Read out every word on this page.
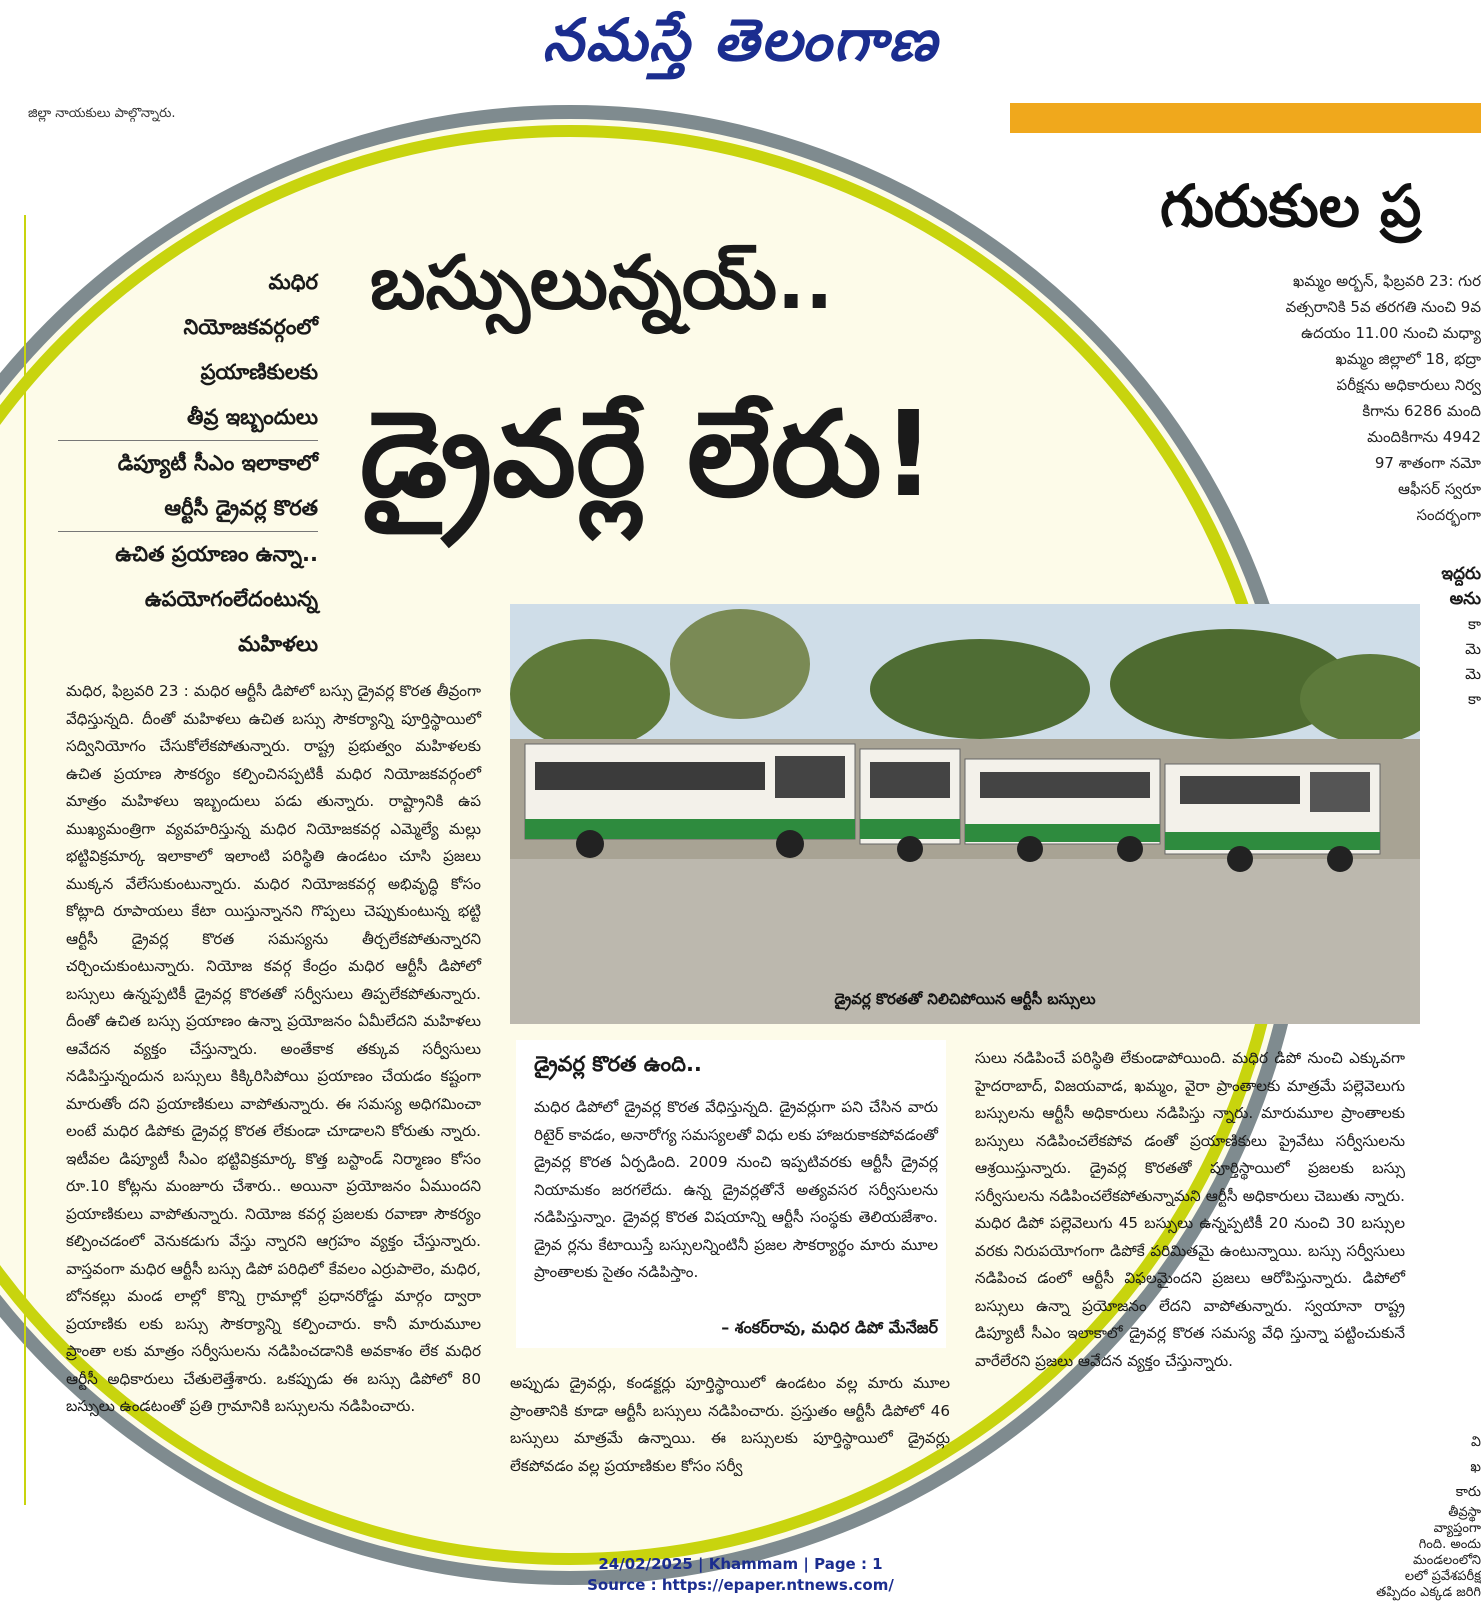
నమస్తే తెలంగాణ
జిల్లా నాయకులు పాల్గొన్నారు.
గురుకుల ప్ర
ఖమ్మం అర్బన్, ఫిబ్రవరి 23: గుర
వత్సరానికి 5వ తరగతి నుంచి 9వ
ఉదయం 11.00 నుంచి మధ్యా
ఖమ్మం జిల్లాలో 18, భద్రా
పరీక్షను అధికారులు నిర్వ
కిగాను 6286 మంది
మందికిగాను 4942
97 శాతంగా నమో
ఆఫీసర్ స్వరూ
సందర్భంగా
ఇద్దరు
అను
కా
మె
మె
కా
వి
ఖ
కారు
తీవ్రస్థా
వ్యాప్తంగా
గింది. అందు
మండలంలోని
లలో ప్రవేశపరీక్ష
తప్పిదం ఎక్కడ జరిగి
బస్సులున్నయ్..
డ్రైవర్లే లేరు!
మధిర
నియోజకవర్గంలో
ప్రయాణికులకు
తీవ్ర ఇబ్బందులు
డిప్యూటీ సీఎం ఇలాకాలో
ఆర్టీసీ డ్రైవర్ల కొరత
ఉచిత ప్రయాణం ఉన్నా..
ఉపయోగంలేదంటున్న
మహిళలు
డ్రైవర్ల కొరతతో నిలిచిపోయిన ఆర్టీసీ బస్సులు
మధిర, ఫిబ్రవరి 23 : మధిర ఆర్టీసీ డిపోలో బస్సు డ్రైవర్ల కొరత తీవ్రంగా వేధిస్తున్నది. దీంతో మహిళలు ఉచిత బస్సు సౌకర్యాన్ని పూర్తిస్థాయిలో సద్వినియోగం చేసుకోలేకపోతున్నారు. రాష్ట్ర ప్రభుత్వం మహిళలకు ఉచిత ప్రయాణ సౌకర్యం కల్పించినప్పటికీ మధిర నియోజకవర్గంలో మాత్రం మహిళలు ఇబ్బందులు పడు తున్నారు. రాష్ట్రానికి ఉప ముఖ్యమంత్రిగా వ్యవహరిస్తున్న మధిర నియోజకవర్గ ఎమ్మెల్యే మల్లు భట్టివిక్రమార్క ఇలాకాలో ఇలాంటి పరిస్థితి ఉండటం చూసి ప్రజలు ముక్కన వేలేసుకుంటున్నారు. మధిర నియోజకవర్గ అభివృద్ధి కోసం కోట్లాది రూపాయలు కేటా యిస్తున్నానని గొప్పలు చెప్పుకుంటున్న భట్టి ఆర్టీసీ డ్రైవర్ల కొరత సమస్యను తీర్చలేకపోతున్నారని చర్చించుకుంటున్నారు. నియోజ కవర్గ కేంద్రం మధిర ఆర్టీసీ డిపోలో బస్సులు ఉన్నప్పటికీ డ్రైవర్ల కొరతతో సర్వీసులు తిప్పలేకపోతున్నారు. దీంతో ఉచిత బస్సు ప్రయాణం ఉన్నా ప్రయోజనం ఏమీలేదని మహిళలు ఆవేదన వ్యక్తం చేస్తున్నారు. అంతేకాక తక్కువ సర్వీసులు నడిపిస్తున్నందున బస్సులు కిక్కిరిసిపోయి ప్రయాణం చేయడం కష్టంగా మారుతోం దని ప్రయాణికులు వాపోతున్నారు. ఈ సమస్య అధిగమించా లంటే మధిర డిపోకు డ్రైవర్ల కొరత లేకుండా చూడాలని కోరుతు న్నారు. ఇటీవల డిప్యూటీ సీఎం భట్టివిక్రమార్క కొత్త బస్టాండ్ నిర్మాణం కోసం రూ.10 కోట్లను మంజూరు చేశారు.. అయినా ప్రయోజనం ఏముందని ప్రయాణికులు వాపోతున్నారు. నియోజ కవర్గ ప్రజలకు రవాణా సౌకర్యం కల్పించడంలో వెనుకడుగు వేస్తు న్నారని ఆగ్రహం వ్యక్తం చేస్తున్నారు. వాస్తవంగా మధిర ఆర్టీసీ బస్సు డిపో పరిధిలో కేవలం ఎర్రుపాలెం, మధిర, బోనకల్లు మండ లాల్లో కొన్ని గ్రామాల్లో ప్రధానరోడ్డు మార్గం ద్వారా ప్రయాణికు లకు బస్సు సౌకర్యాన్ని కల్పించారు. కానీ మారుమూల ప్రాంతా లకు మాత్రం సర్వీసులను నడిపించడానికి అవకాశం లేక మధిర ఆర్టీసీ అధికారులు చేతులెత్తేశారు. ఒకప్పుడు ఈ బస్సు డిపోలో 80 బస్సులు ఉండటంతో ప్రతి గ్రామానికి బస్సులను నడిపించారు.
డ్రైవర్ల కొరత ఉంది..
మధిర డిపోలో డ్రైవర్ల కొరత వేధిస్తున్నది. డ్రైవర్లుగా పని చేసిన వారు రిటైర్ కావడం, అనారోగ్య సమస్యలతో విధు లకు హాజరుకాకపోవడంతో డ్రైవర్ల కొరత ఏర్పడింది. 2009 నుంచి ఇప్పటివరకు ఆర్టీసీ డ్రైవర్ల నియామకం జరగలేదు. ఉన్న డ్రైవర్లతోనే అత్యవసర సర్వీసులను నడిపిస్తున్నాం. డ్రైవర్ల కొరత విషయాన్ని ఆర్టీసీ సంస్థకు తెలియజేశాం. డ్రైవ ర్లను కేటాయిస్తే బస్సులన్నింటినీ ప్రజల సౌకర్యార్థం మారు మూల ప్రాంతాలకు సైతం నడిపిస్తాం.
– శంకర్‌రావు, మధిర డిపో మేనేజర్
అప్పుడు డ్రైవర్లు, కండక్టర్లు పూర్తిస్థాయిలో ఉండటం వల్ల మారు మూల ప్రాంతానికి కూడా ఆర్టీసీ బస్సులు నడిపించారు. ప్రస్తుతం ఆర్టీసీ డిపోలో 46 బస్సులు మాత్రమే ఉన్నాయి. ఈ బస్సులకు పూర్తిస్థాయిలో డ్రైవర్లు లేకపోవడం వల్ల ప్రయాణికుల కోసం సర్వీ
సులు నడిపించే పరిస్థితి లేకుండాపోయింది. మధిర డిపో నుంచి ఎక్కువగా హైదరాబాద్, విజయవాడ, ఖమ్మం, వైరా ప్రాంతాలకు మాత్రమే పల్లెవెలుగు బస్సులను ఆర్టీసీ అధికారులు నడిపిస్తు న్నారు. మారుమూల ప్రాంతాలకు బస్సులు నడిపించలేకపోవ డంతో ప్రయాణికులు ప్రైవేటు సర్వీసులను ఆశ్రయిస్తున్నారు. డ్రైవర్ల కొరతతో పూర్తిస్థాయిలో ప్రజలకు బస్సు సర్వీసులను నడిపించలేకపోతున్నామని ఆర్టీసీ అధికారులు చెబుతు న్నారు. మధిర డిపో పల్లెవెలుగు 45 బస్సులు ఉన్నప్పటికీ 20 నుంచి 30 బస్సుల వరకు నిరుపయోగంగా డిపోకే పరిమితమై ఉంటున్నాయి. బస్సు సర్వీసులు నడిపించ డంలో ఆర్టీసీ విఫలమైందని ప్రజలు ఆరోపిస్తున్నారు. డిపోలో బస్సులు ఉన్నా ప్రయోజనం లేదని వాపోతున్నారు. స్వయానా రాష్ట్ర డిప్యూటీ సీఎం ఇలాకాలో డ్రైవర్ల కొరత సమస్య వేధి స్తున్నా పట్టించుకునే వారేలేరని ప్రజలు ఆవేదన వ్యక్తం చేస్తున్నారు.
24/02/2025 | Khammam | Page : 1
Source : https://epaper.ntnews.com/
